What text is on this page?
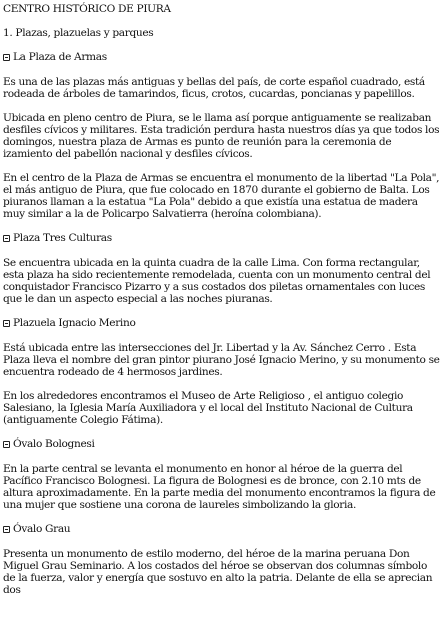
CENTRO HISTÓRICO DE PIURA
1. Plazas, plazuelas y parques
La Plaza de Armas

Es una de las plazas más antiguas y bellas del país, de corte español cuadrado, está rodeada de árboles de tamarindos, ficus, crotos, cucardas, poncianas y papelillos.

Ubicada en pleno centro de Piura, se le llama así porque antiguamente se realizaban desfiles cívicos y militares. Esta tradición perdura hasta nuestros días ya que todos los domingos, nuestra plaza de Armas es punto de reunión para la ceremonia de izamiento del pabellón nacional y desfiles cívicos.

En el centro de la Plaza de Armas se encuentra el monumento de la libertad "La Pola", el más antiguo de Piura, que fue colocado en 1870 durante el gobierno de Balta. Los piuranos llaman a la estatua "La Pola" debido a que existía una estatua de madera muy similar a la de Policarpo Salvatierra (heroína colombiana).

Plaza Tres Culturas

Se encuentra ubicada en la quinta cuadra de la calle Lima. Con forma rectangular, esta plaza ha sido recientemente remodelada, cuenta con un monumento central del conquistador Francisco Pizarro y a sus costados dos piletas ornamentales con luces que le dan un aspecto especial a las noches piuranas.

Plazuela Ignacio Merino

Está ubicada entre las intersecciones del Jr. Libertad y la Av. Sánchez Cerro . Esta Plaza lleva el nombre del gran pintor piurano José Ignacio Merino, y su monumento se encuentra rodeado de 4 hermosos jardines.

En los alrededores encontramos el Museo de Arte Religioso , el antiguo colegio Salesiano, la Iglesia María Auxiliadora y el local del Instituto Nacional de Cultura (antiguamente Colegio Fátima).

Óvalo Bolognesi

En la parte central se levanta el monumento en honor al héroe de la guerra del Pacífico Francisco Bolognesi. La figura de Bolognesi es de bronce, con 2.10 mts de altura aproximadamente. En la parte media del monumento encontramos la figura de una mujer que sostiene una corona de laureles simbolizando la gloria.

Óvalo Grau

Presenta un monumento de estilo moderno, del héroe de la marina peruana Don Miguel Grau Seminario. A los costados del héroe se observan dos columnas símbolo de la fuerza, valor y energía que sostuvo en alto la patria. Delante de ella se aprecian dos
